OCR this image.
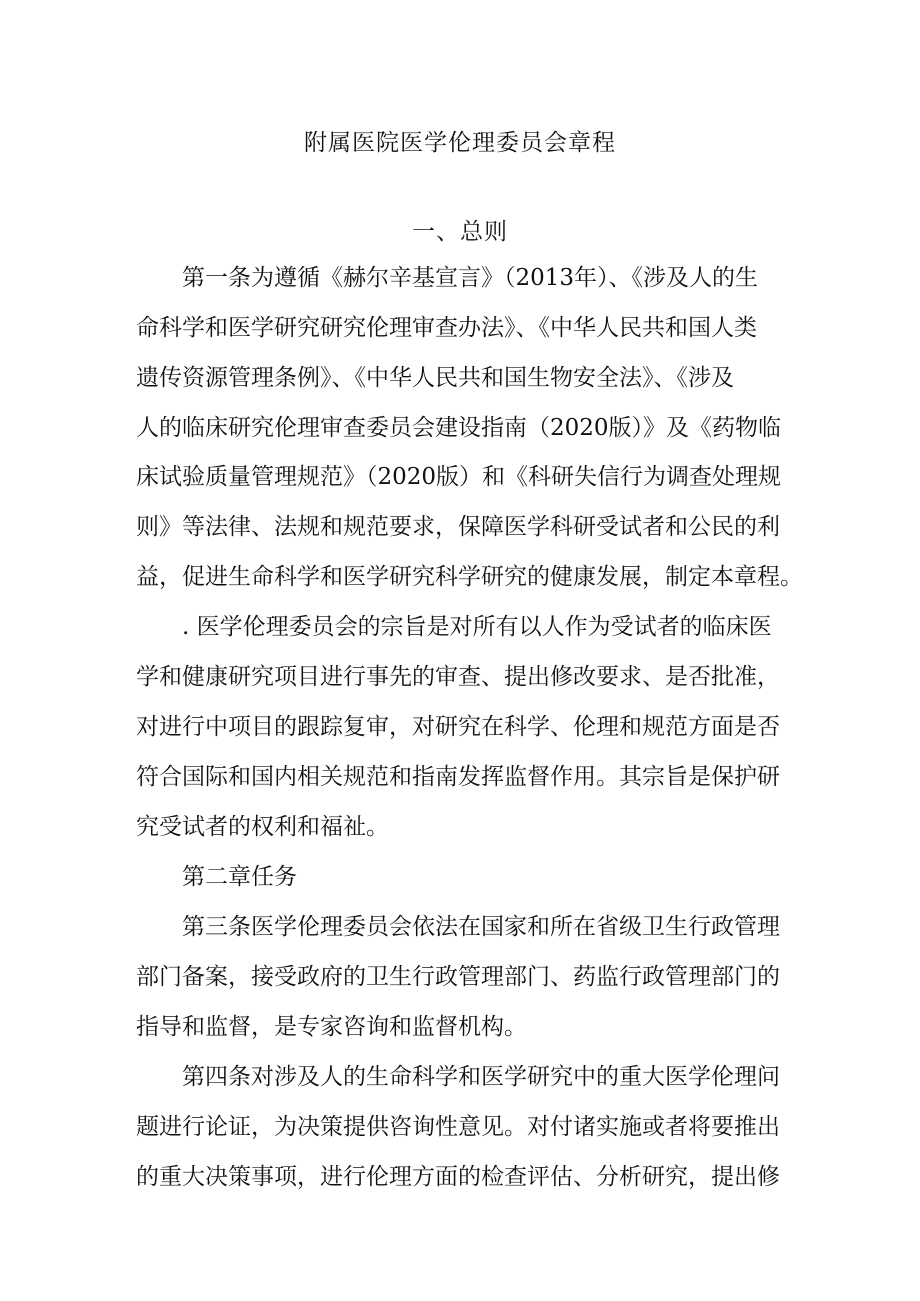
附属医院医学伦理委员会章程
一、总则
第一条为遵循《赫尔辛基宣言》（2013年）、《涉及人的生
命科学和医学研究研究伦理审查办法》、《中华人民共和国人类
遗传资源管理条例》、《中华人民共和国生物安全法》、《涉及
人的临床研究伦理审查委员会建设指南（2020版）》及《药物临
床试验质量管理规范》（2020版）和《科研失信行为调查处理规
则》等法律、法规和规范要求，保障医学科研受试者和公民的利
益，促进生命科学和医学研究科学研究的健康发展，制定本章程。
. 医学伦理委员会的宗旨是对所有以人作为受试者的临床医
学和健康研究项目进行事先的审查、提出修改要求、是否批准，
对进行中项目的跟踪复审，对研究在科学、伦理和规范方面是否
符合国际和国内相关规范和指南发挥监督作用。其宗旨是保护研
究受试者的权利和福祉。
第二章任务
第三条医学伦理委员会依法在国家和所在省级卫生行政管理
部门备案，接受政府的卫生行政管理部门、药监行政管理部门的
指导和监督，是专家咨询和监督机构。
第四条对涉及人的生命科学和医学研究中的重大医学伦理问
题进行论证，为决策提供咨询性意见。对付诸实施或者将要推出
的重大决策事项，进行伦理方面的检查评估、分析研究，提出修
